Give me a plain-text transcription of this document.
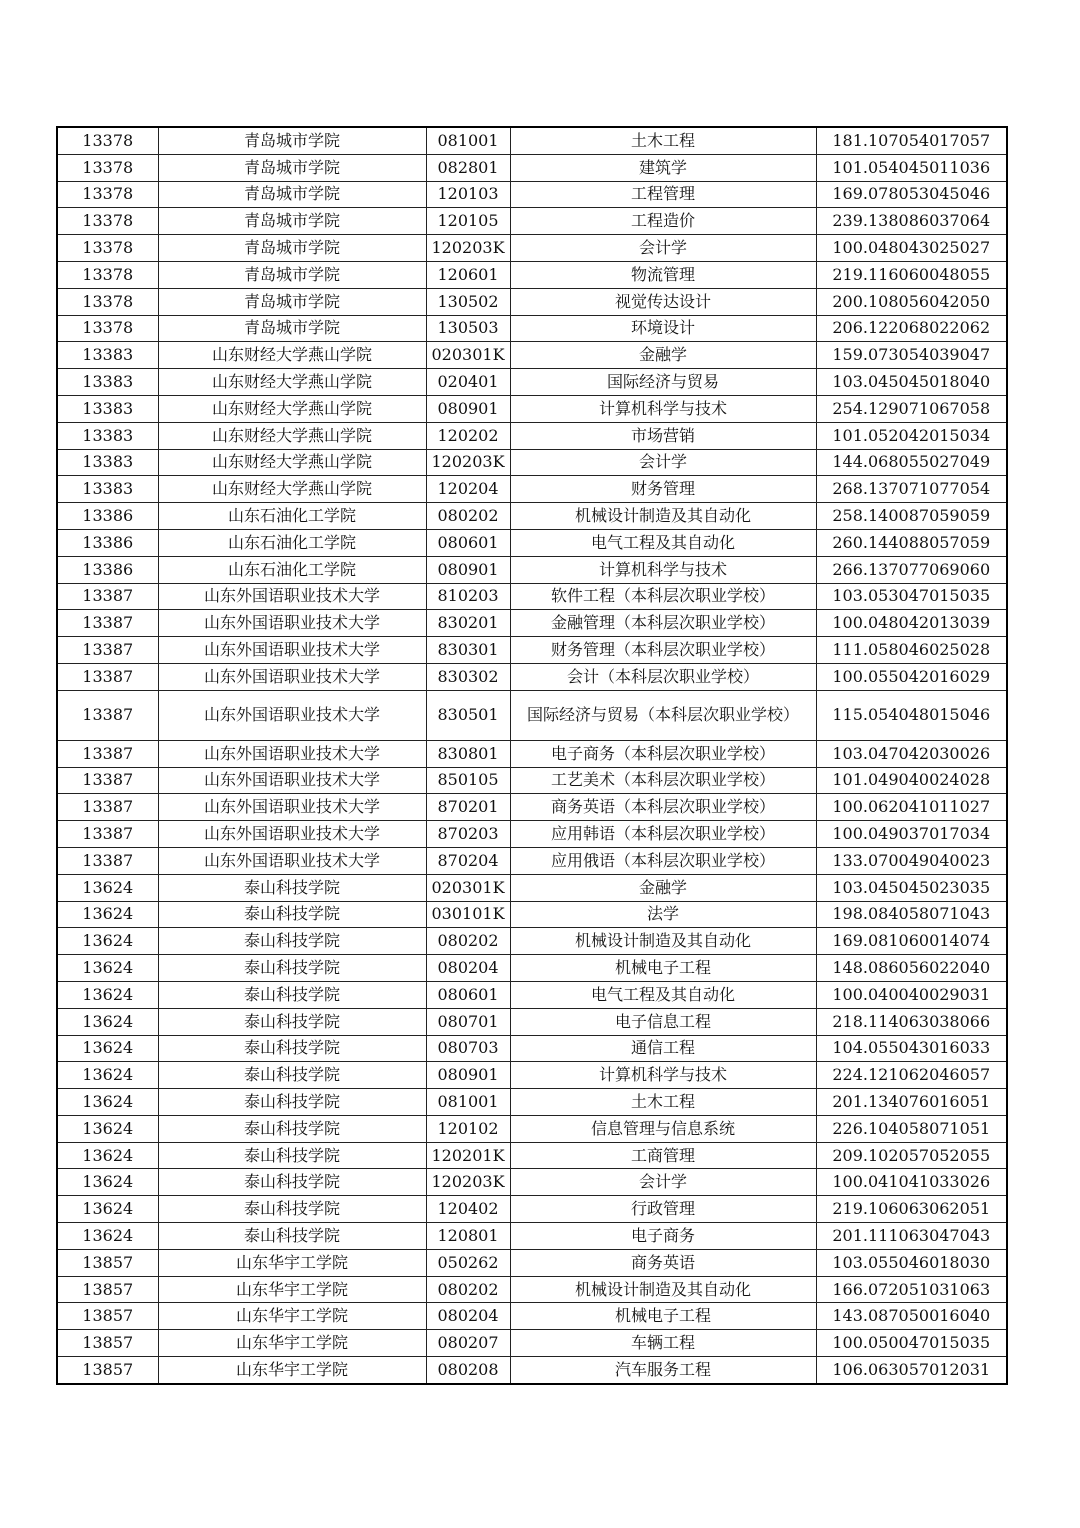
13378	青岛城市学院	081001	土木工程	181.107054017057
13378	青岛城市学院	082801	建筑学	101.054045011036
13378	青岛城市学院	120103	工程管理	169.078053045046
13378	青岛城市学院	120105	工程造价	239.138086037064
13378	青岛城市学院	120203K	会计学	100.048043025027
13378	青岛城市学院	120601	物流管理	219.116060048055
13378	青岛城市学院	130502	视觉传达设计	200.108056042050
13378	青岛城市学院	130503	环境设计	206.122068022062
13383	山东财经大学燕山学院	020301K	金融学	159.073054039047
13383	山东财经大学燕山学院	020401	国际经济与贸易	103.045045018040
13383	山东财经大学燕山学院	080901	计算机科学与技术	254.129071067058
13383	山东财经大学燕山学院	120202	市场营销	101.052042015034
13383	山东财经大学燕山学院	120203K	会计学	144.068055027049
13383	山东财经大学燕山学院	120204	财务管理	268.137071077054
13386	山东石油化工学院	080202	机械设计制造及其自动化	258.140087059059
13386	山东石油化工学院	080601	电气工程及其自动化	260.144088057059
13386	山东石油化工学院	080901	计算机科学与技术	266.137077069060
13387	山东外国语职业技术大学	810203	软件工程（本科层次职业学校）	103.053047015035
13387	山东外国语职业技术大学	830201	金融管理（本科层次职业学校）	100.048042013039
13387	山东外国语职业技术大学	830301	财务管理（本科层次职业学校）	111.058046025028
13387	山东外国语职业技术大学	830302	会计（本科层次职业学校）	100.055042016029
13387	山东外国语职业技术大学	830501	国际经济与贸易（本科层次职业学校）	115.054048015046
13387	山东外国语职业技术大学	830801	电子商务（本科层次职业学校）	103.047042030026
13387	山东外国语职业技术大学	850105	工艺美术（本科层次职业学校）	101.049040024028
13387	山东外国语职业技术大学	870201	商务英语（本科层次职业学校）	100.062041011027
13387	山东外国语职业技术大学	870203	应用韩语（本科层次职业学校）	100.049037017034
13387	山东外国语职业技术大学	870204	应用俄语（本科层次职业学校）	133.070049040023
13624	泰山科技学院	020301K	金融学	103.045045023035
13624	泰山科技学院	030101K	法学	198.084058071043
13624	泰山科技学院	080202	机械设计制造及其自动化	169.081060014074
13624	泰山科技学院	080204	机械电子工程	148.086056022040
13624	泰山科技学院	080601	电气工程及其自动化	100.040040029031
13624	泰山科技学院	080701	电子信息工程	218.114063038066
13624	泰山科技学院	080703	通信工程	104.055043016033
13624	泰山科技学院	080901	计算机科学与技术	224.121062046057
13624	泰山科技学院	081001	土木工程	201.134076016051
13624	泰山科技学院	120102	信息管理与信息系统	226.104058071051
13624	泰山科技学院	120201K	工商管理	209.102057052055
13624	泰山科技学院	120203K	会计学	100.041041033026
13624	泰山科技学院	120402	行政管理	219.106063062051
13624	泰山科技学院	120801	电子商务	201.111063047043
13857	山东华宇工学院	050262	商务英语	103.055046018030
13857	山东华宇工学院	080202	机械设计制造及其自动化	166.072051031063
13857	山东华宇工学院	080204	机械电子工程	143.087050016040
13857	山东华宇工学院	080207	车辆工程	100.050047015035
13857	山东华宇工学院	080208	汽车服务工程	106.063057012031
